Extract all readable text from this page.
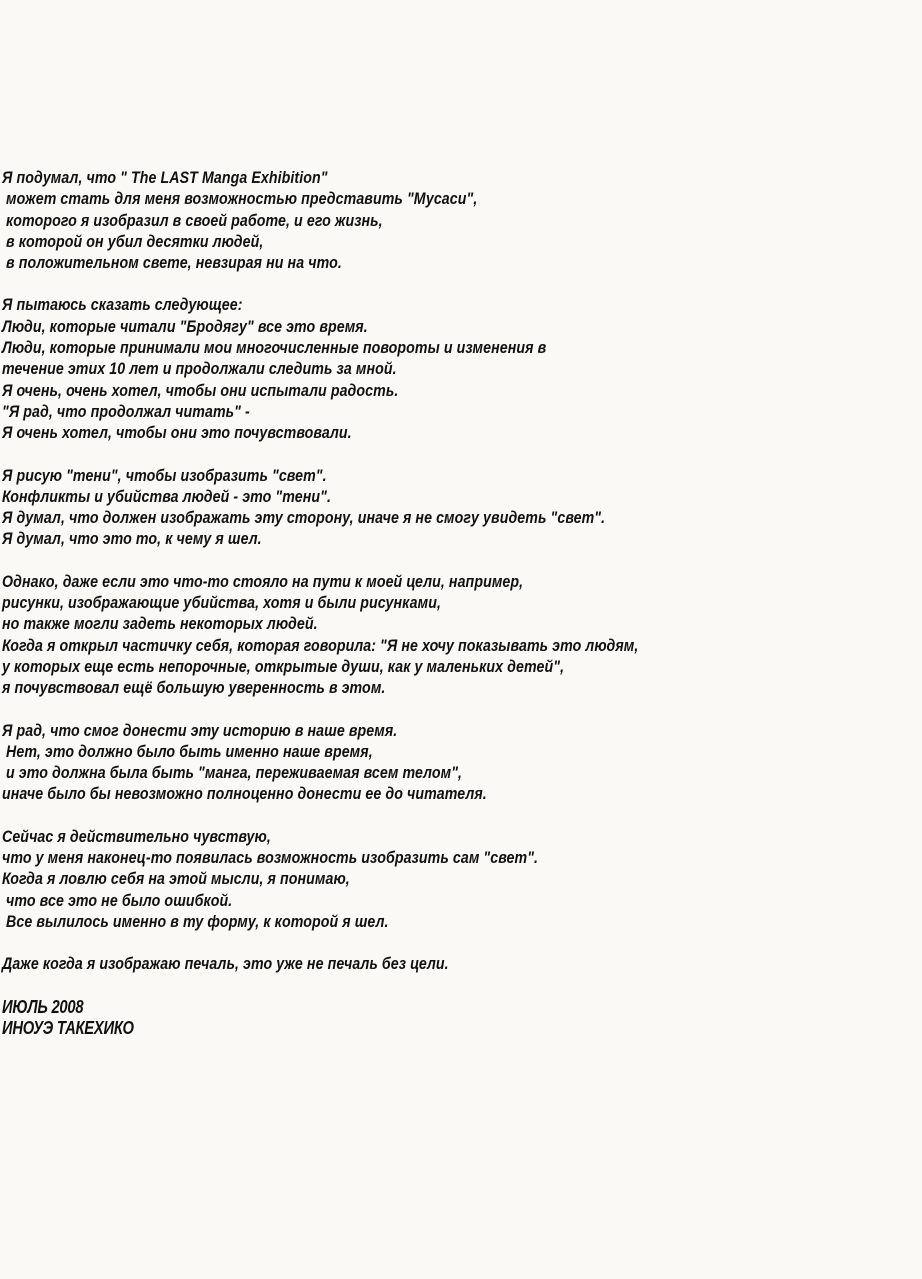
Я подумал, что " The LAST Manga Exhibition"
может стать для меня возможностью представить "Мусаси",
которого я изобразил в своей работе, и его жизнь,
в которой он убил десятки людей,
в положительном свете, невзирая ни на что.
Я пытаюсь сказать следующее:
Люди, которые читали "Бродягу" все это время.
Люди, которые принимали мои многочисленные повороты и изменения в
течение этих 10 лет и продолжали следить за мной.
Я очень, очень хотел, чтобы они испытали радость.
"Я рад, что продолжал читать" -
Я очень хотел, чтобы они это почувствовали.
Я рисую "тени", чтобы изобразить "свет".
Конфликты и убийства людей - это "тени".
Я думал, что должен изображать эту сторону, иначе я не смогу увидеть "свет".
Я думал, что это то, к чему я шел.
Однако, даже если это что-то стояло на пути к моей цели, например,
рисунки, изображающие убийства, хотя и были рисунками,
но также могли задеть некоторых людей.
Когда я открыл частичку себя, которая говорила: "Я не хочу показывать это людям,
у которых еще есть непорочные, открытые души, как у маленьких детей",
я почувствовал ещё большую уверенность в этом.
Я рад, что смог донести эту историю в наше время.
Нет, это должно было быть именно наше время,
и это должна была быть "манга, переживаемая всем телом",
иначе было бы невозможно полноценно донести ее до читателя.
Сейчас я действительно чувствую,
что у меня наконец-то появилась возможность изобразить сам "свет".
Когда я ловлю себя на этой мысли, я понимаю,
что все это не было ошибкой.
Все вылилось именно в ту форму, к которой я шел.
Даже когда я изображаю печаль, это уже не печаль без цели.
ИЮЛЬ 2008
ИНОУЭ ТАКЕХИКО
